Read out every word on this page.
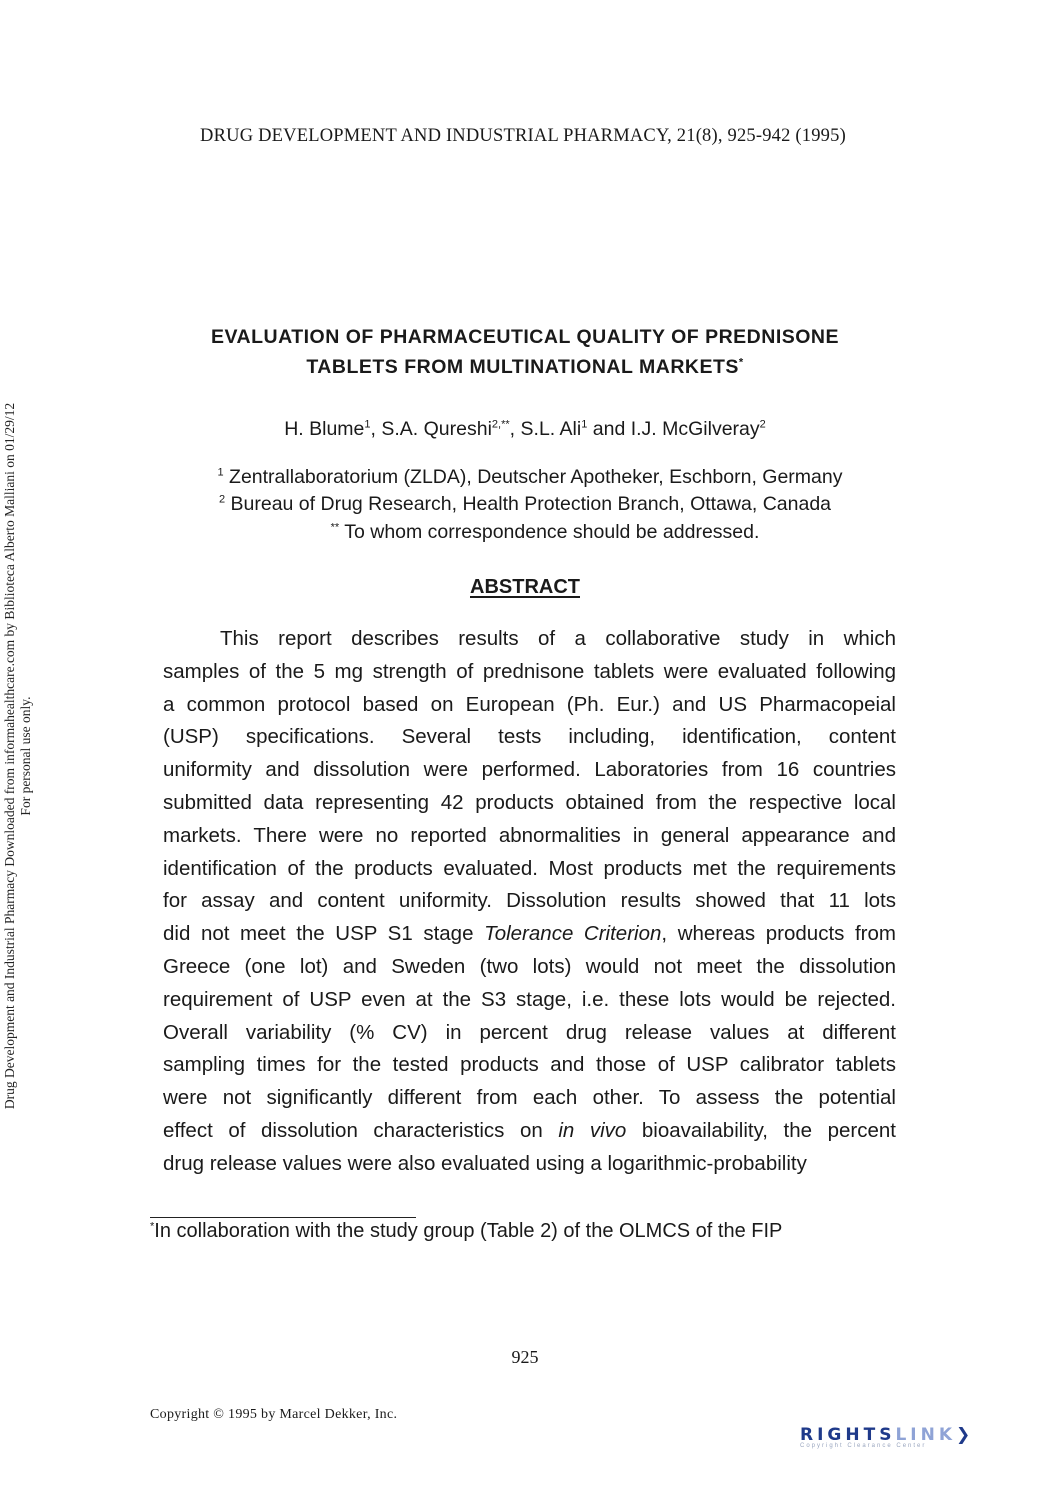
DRUG DEVELOPMENT AND INDUSTRIAL PHARMACY, 21(8), 925-942 (1995)
Drug Development and Industrial Pharmacy Downloaded from informahealthcare.com by Biblioteca Alberto Malliani on 01/29/12 For personal use only.
EVALUATION OF PHARMACEUTICAL QUALITY OF PREDNISONE
TABLETS FROM MULTINATIONAL MARKETS*
H. Blume$^1$, S.A. Qureshi$^{2,**}$, S.L. Ali$^1$ and I.J. McGilveray$^2$
$^1$ Zentrallaboratorium (ZLDA), Deutscher Apotheker, Eschborn, Germany
$^2$ Bureau of Drug Research, Health Protection Branch, Ottawa, Canada
** To whom correspondence should be addressed.
ABSTRACT
This report describes results of a collaborative study in which
samples of the 5 mg strength of prednisone tablets were evaluated following
a common protocol based on European (Ph. Eur.) and US Pharmacopeial
(USP) specifications. Several tests including, identification, content
uniformity and dissolution were performed. Laboratories from 16 countries
submitted data representing 42 products obtained from the respective local
markets. There were no reported abnormalities in general appearance and
identification of the products evaluated. Most products met the requirements
for assay and content uniformity. Dissolution results showed that 11 lots
did not meet the USP S1 stage Tolerance Criterion, whereas products from
Greece (one lot) and Sweden (two lots) would not meet the dissolution
requirement of USP even at the S3 stage, i.e. these lots would be rejected.
Overall variability (% CV) in percent drug release values at different
sampling times for the tested products and those of USP calibrator tablets
were not significantly different from each other. To assess the potential
effect of dissolution characteristics on in vivo bioavailability, the percent
drug release values were also evaluated using a logarithmic-probability
*In collaboration with the study group (Table 2) of the OLMCS of the FIP
925
Copyright © 1995 by Marcel Dekker, Inc.
RIGHTSLINK❯
Copyright Clearance Center
